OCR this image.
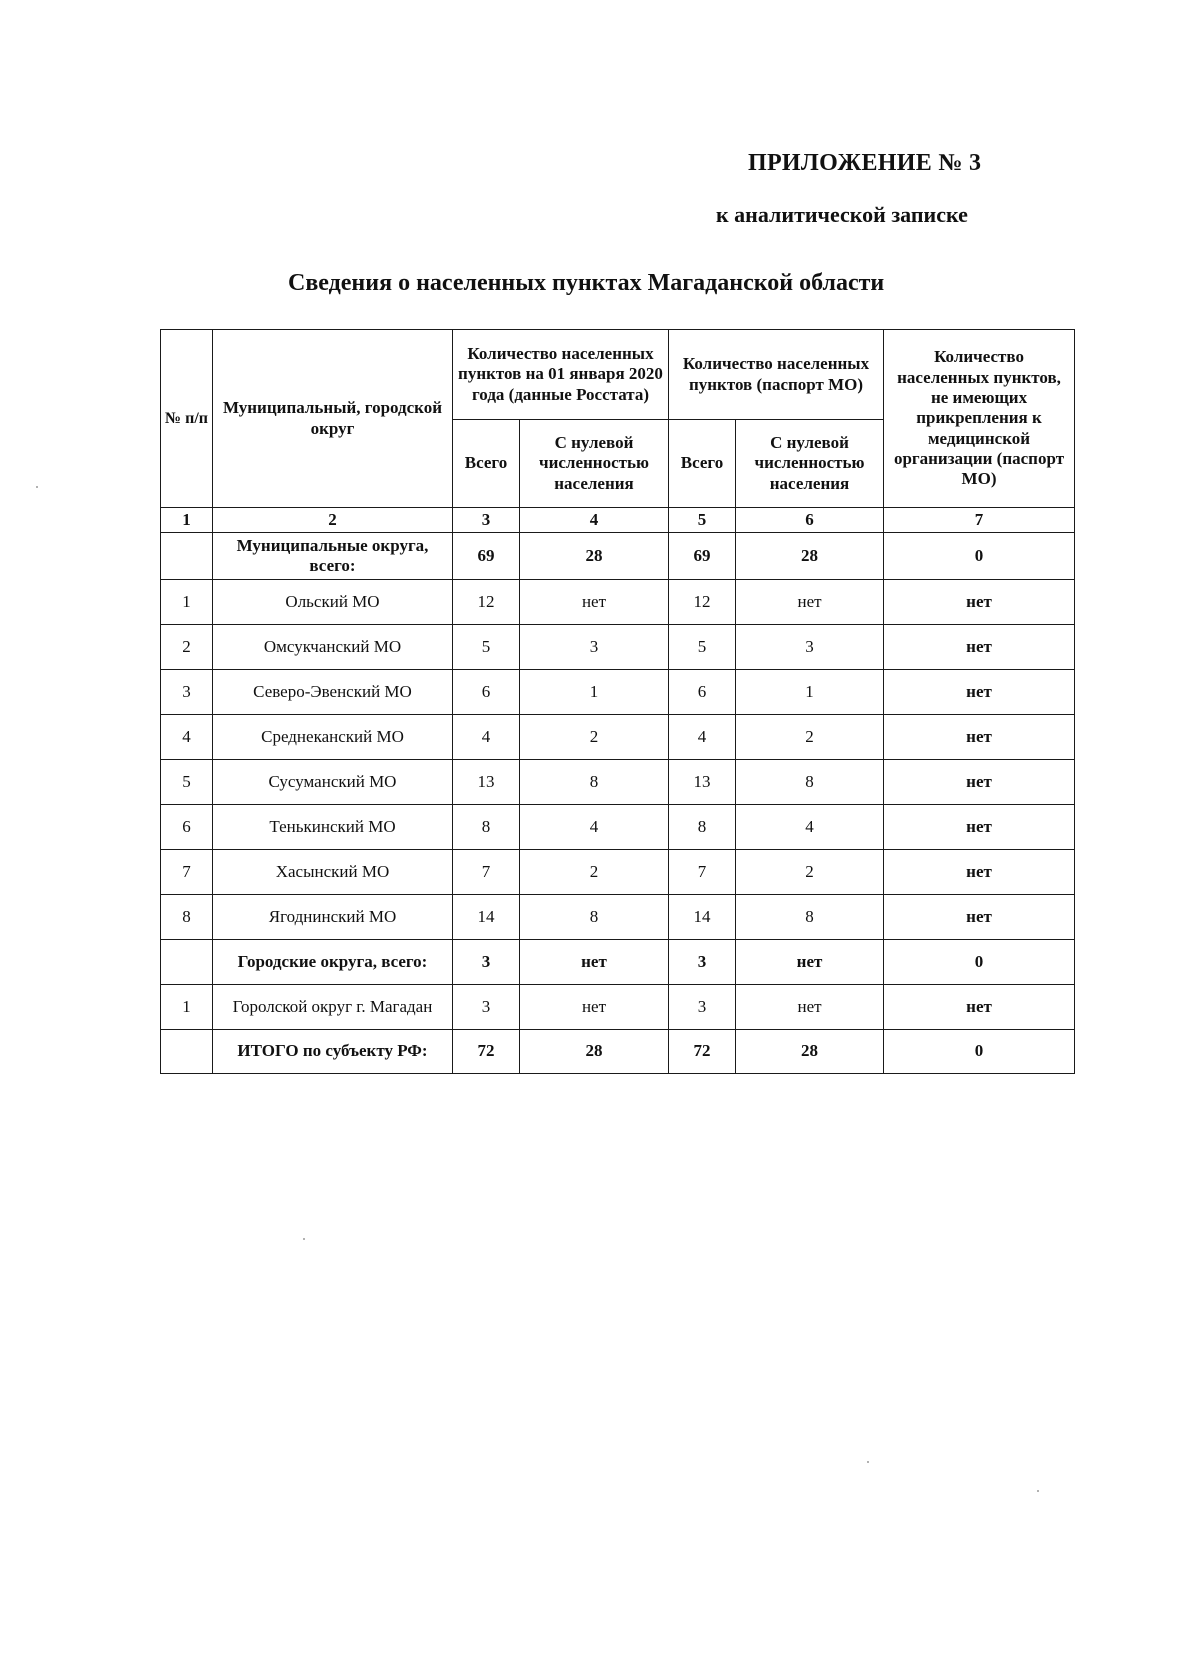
ПРИЛОЖЕНИЕ № 3
к аналитической записке
Сведения о населенных пунктах Магаданской области
№ п/п	Муниципальный, городской округ	Количество населенных пунктов на 01 января 2020 года (данные Росстата)		Количество населенных пунктов (паспорт МО)		Количество населенных пунктов, не имеющих прикрепления к медицинской организации (паспорт МО)
		Всего	С нулевой численностью населения	Всего	С нулевой численностью населения	
1	2	3	4	5	6	7
	Муниципальные округа, всего:	69	28	69	28	0
1	Ольский МО	12	нет	12	нет	нет
2	Омсукчанский МО	5	3	5	3	нет
3	Северо-Эвенский МО	6	1	6	1	нет
4	Среднеканский МО	4	2	4	2	нет
5	Сусуманский МО	13	8	13	8	нет
6	Тенькинский МО	8	4	8	4	нет
7	Хасынский МО	7	2	7	2	нет
8	Ягоднинский МО	14	8	14	8	нет
	Городские округа, всего:	3	нет	3	нет	0
1	Горолской округ г. Магадан	3	нет	3	нет	нет
	ИТОГО по субъекту РФ:	72	28	72	28	0
